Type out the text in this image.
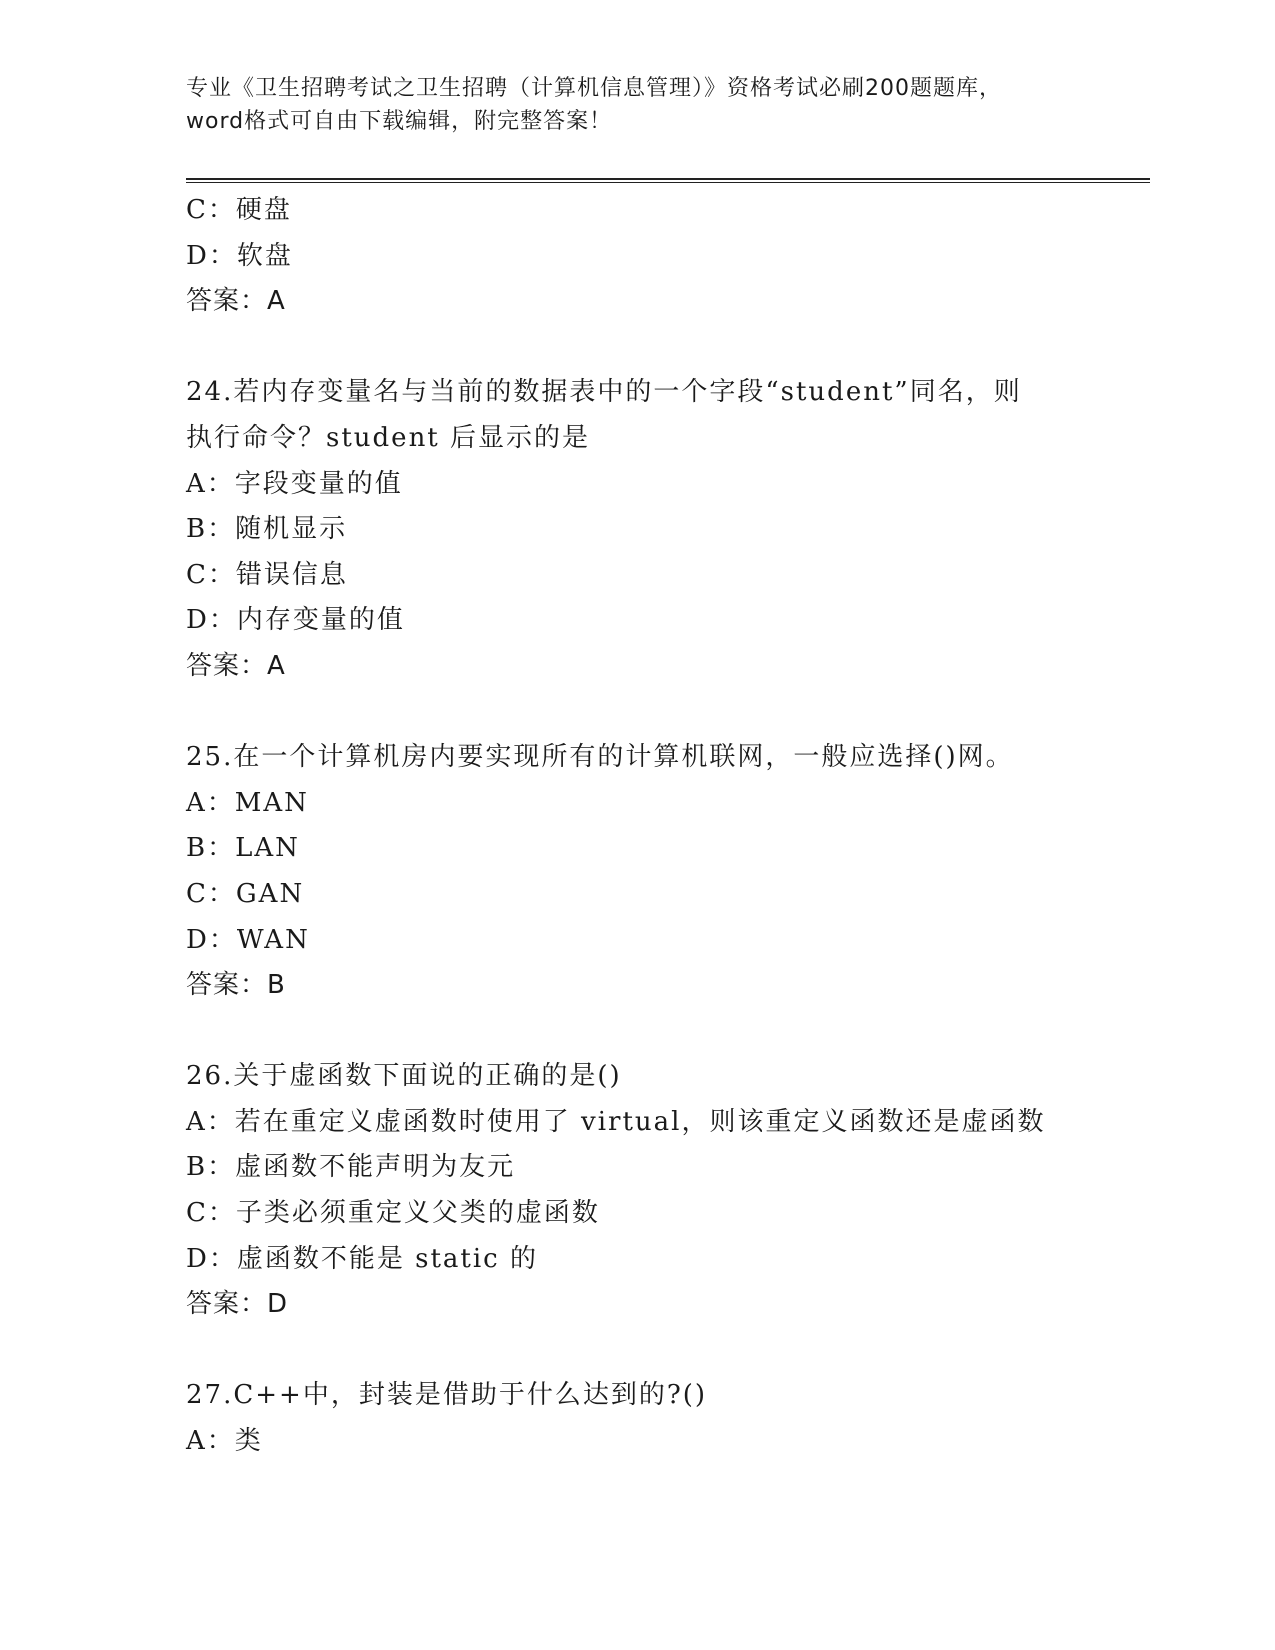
专业《卫生招聘考试之卫生招聘（计算机信息管理）》资格考试必刷200题题库，
word格式可自由下载编辑，附完整答案！
C：硬盘
D：软盘
答案：A
24.若内存变量名与当前的数据表中的一个字段“student”同名，则
执行命令？student 后显示的是
A：字段变量的值
B：随机显示
C：错误信息
D：内存变量的值
答案：A
25.在一个计算机房内要实现所有的计算机联网，一般应选择()网。
A：MAN
B：LAN
C：GAN
D：WAN
答案：B
26.关于虚函数下面说的正确的是()
A：若在重定义虚函数时使用了 virtual，则该重定义函数还是虚函数
B：虚函数不能声明为友元
C：子类必须重定义父类的虚函数
D：虚函数不能是 static 的
答案：D
27.C++中，封装是借助于什么达到的?()
A：类
